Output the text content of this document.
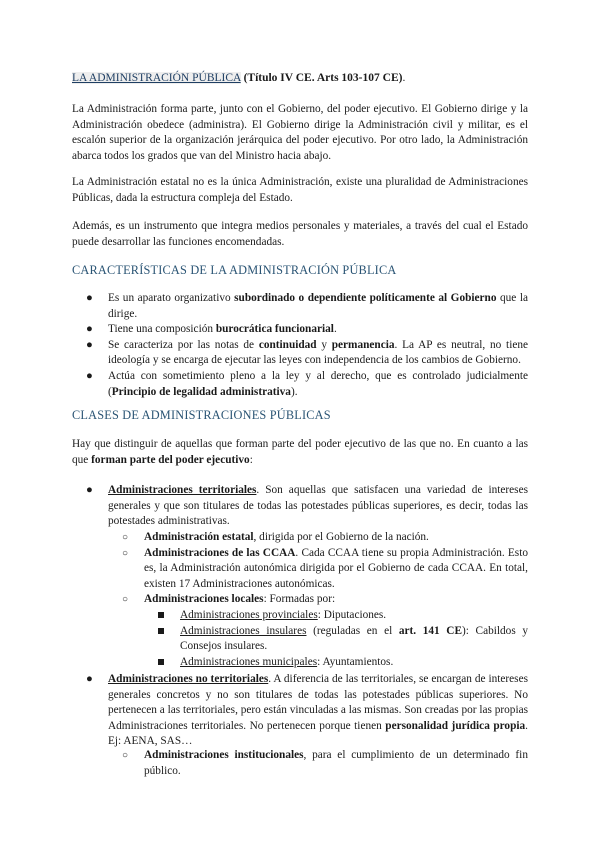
LA ADMINISTRACIÓN PÚBLICA (Título IV CE. Arts 103-107 CE).

La Administración forma parte, junto con el Gobierno, del poder ejecutivo. El Gobierno dirige y la Administración obedece (administra). El Gobierno dirige la Administración civil y militar, es el escalón superior de la organización jerárquica del poder ejecutivo. Por otro lado, la Administración abarca todos los grados que van del Ministro hacia abajo.

La Administración estatal no es la única Administración, existe una pluralidad de Administraciones Públicas, dada la estructura compleja del Estado.

Además, es un instrumento que integra medios personales y materiales, a través del cual el Estado puede desarrollar las funciones encomendadas.

CARACTERÍSTICAS DE LA ADMINISTRACIÓN PÚBLICA
● Es un aparato organizativo subordinado o dependiente políticamente al Gobierno que la dirige.
● Tiene una composición burocrática funcionarial.
● Se caracteriza por las notas de continuidad y permanencia. La AP es neutral, no tiene ideología y se encarga de ejecutar las leyes con independencia de los cambios de Gobierno.
● Actúa con sometimiento pleno a la ley y al derecho, que es controlado judicialmente (Principio de legalidad administrativa).
CLASES DE ADMINISTRACIONES PÚBLICAS

Hay que distinguir de aquellas que forman parte del poder ejecutivo de las que no. En cuanto a las que forman parte del poder ejecutivo:

● Administraciones territoriales. Son aquellas que satisfacen una variedad de intereses generales y que son titulares de todas las potestades públicas superiores, es decir, todas las potestades administrativas.
○ Administración estatal, dirigida por el Gobierno de la nación.
○ Administraciones de las CCAA. Cada CCAA tiene su propia Administración. Esto es, la Administración autonómica dirigida por el Gobierno de cada CCAA. En total, existen 17 Administraciones autonómicas.
○ Administraciones locales: Formadas por:
Administraciones provinciales: Diputaciones.
Administraciones insulares (reguladas en el art. 141 CE): Cabildos y Consejos insulares.
Administraciones municipales: Ayuntamientos.
● Administraciones no territoriales. A diferencia de las territoriales, se encargan de intereses generales concretos y no son titulares de todas las potestades públicas superiores. No pertenecen a las territoriales, pero están vinculadas a las mismas. Son creadas por las propias Administraciones territoriales. No pertenecen porque tienen personalidad jurídica propia. Ej: AENA, SAS…
○ Administraciones institucionales, para el cumplimiento de un determinado fin público.
